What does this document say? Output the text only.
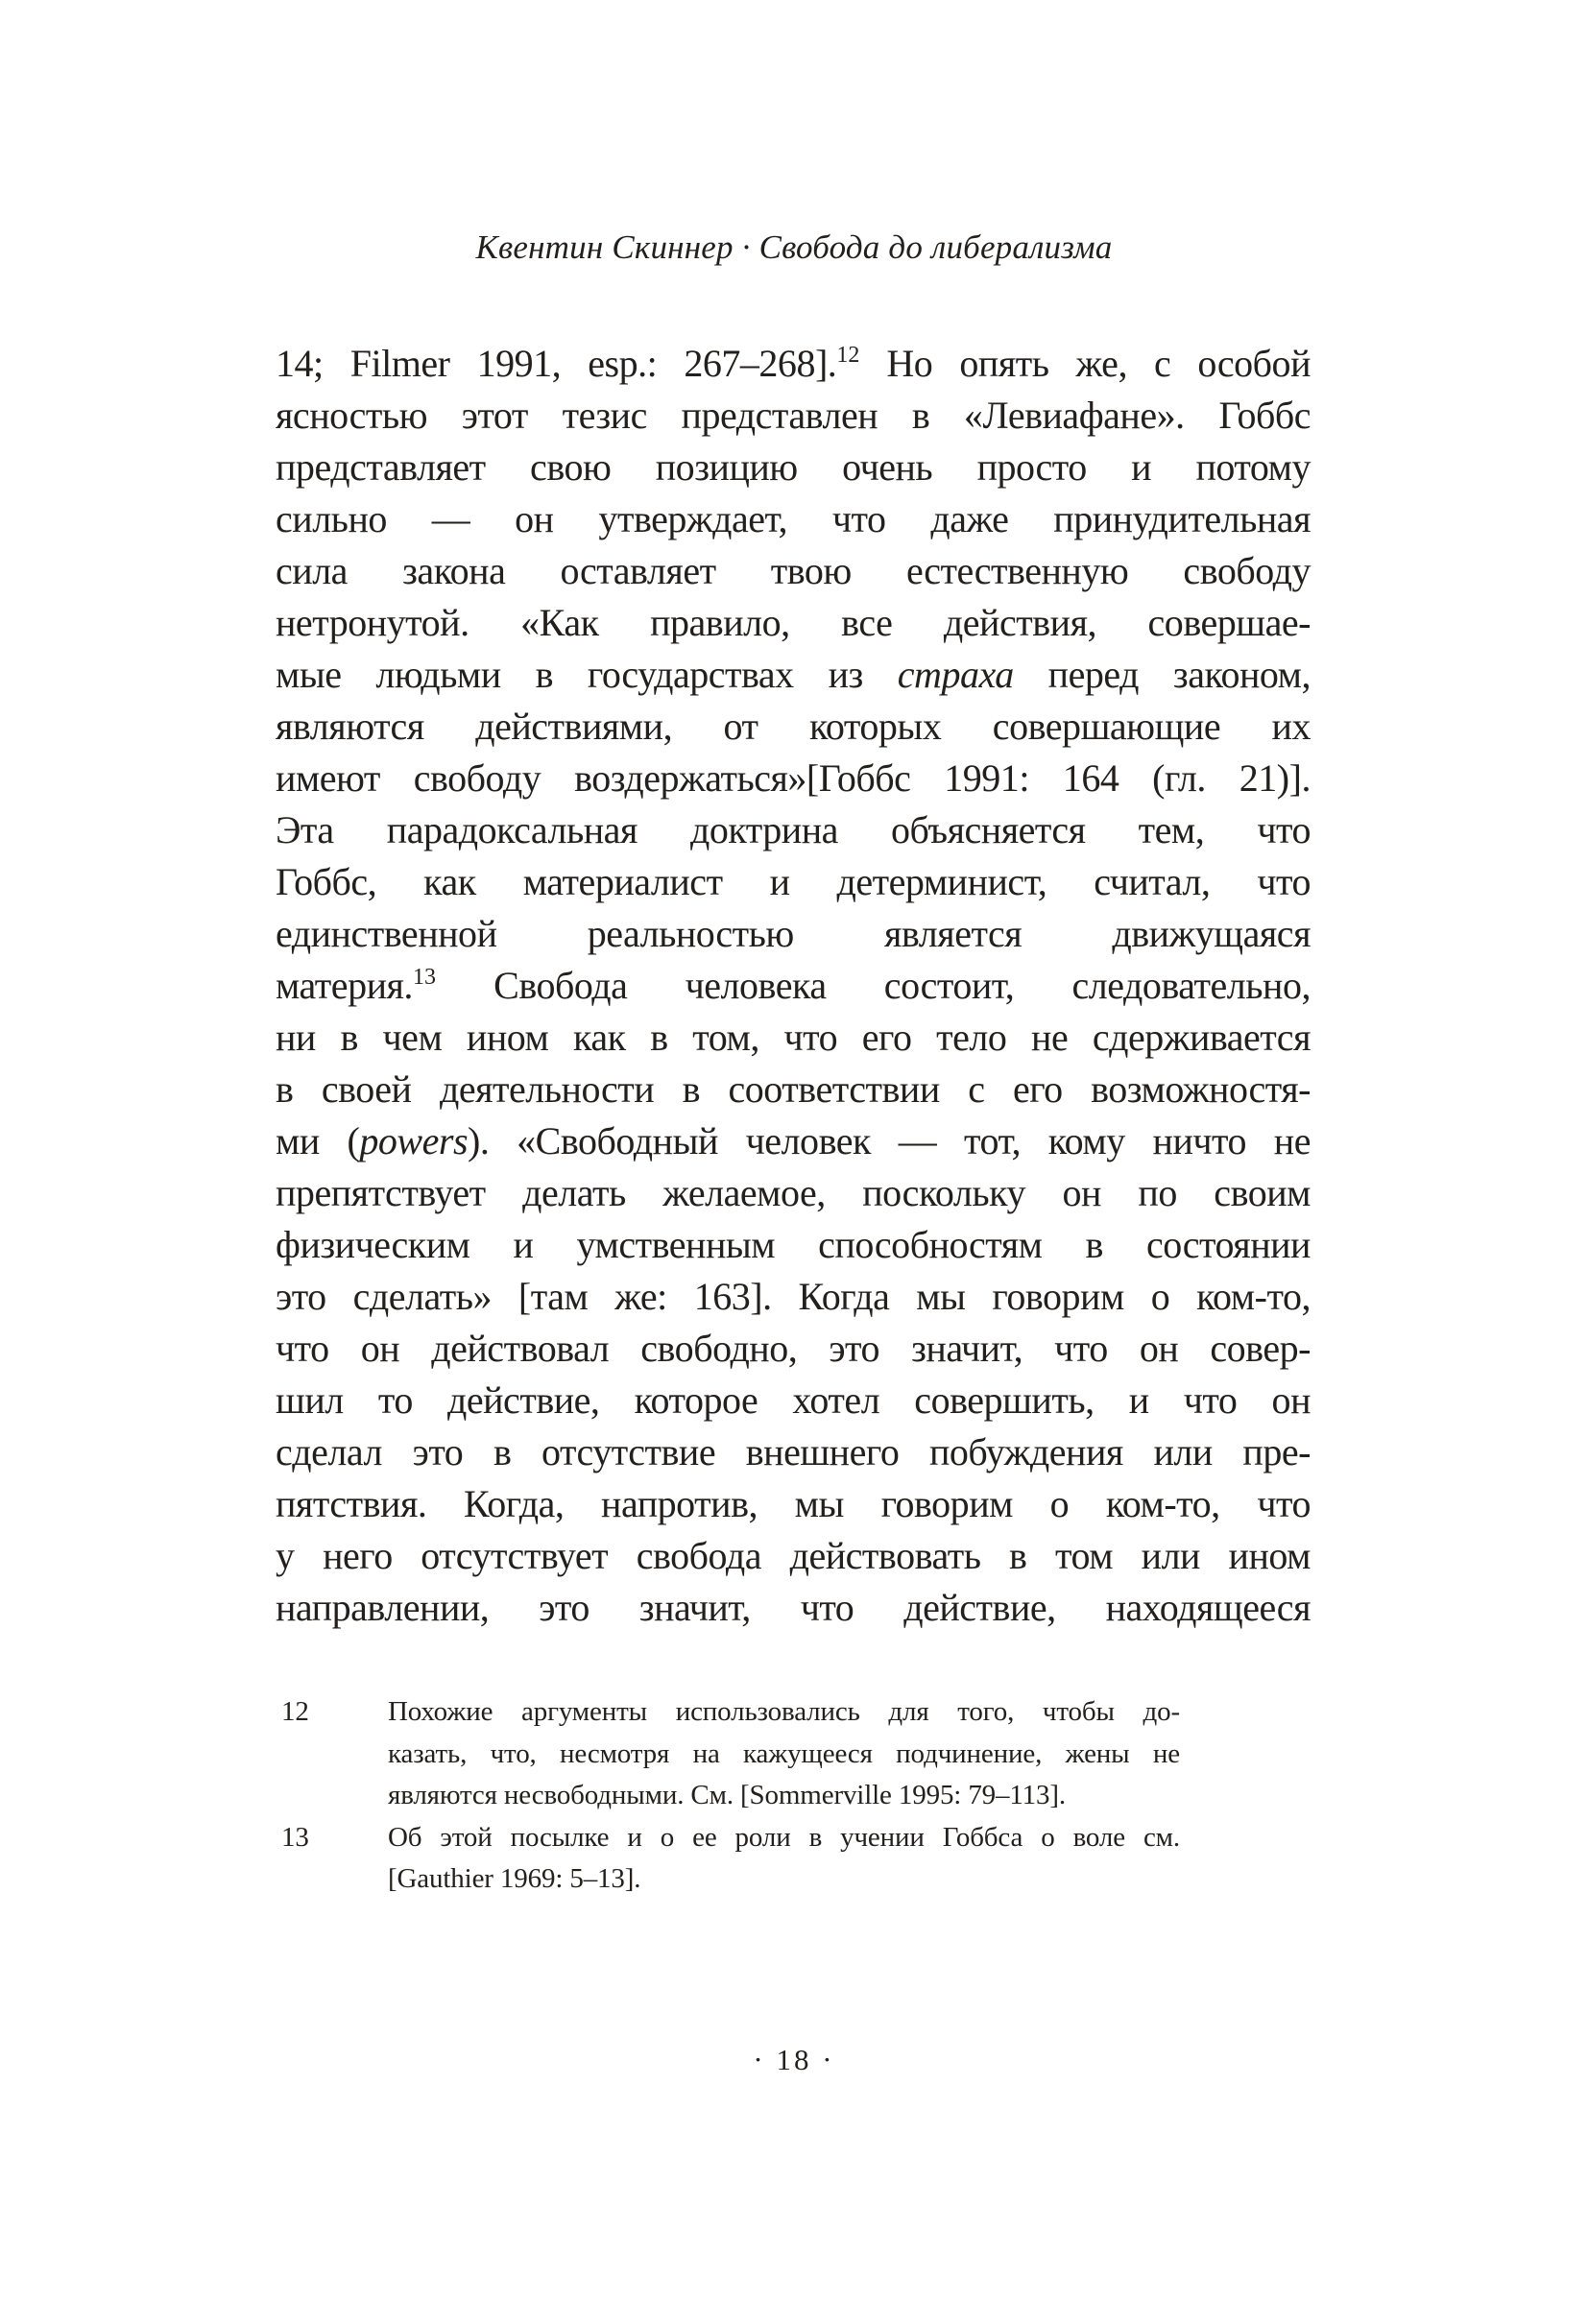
Квентин Скиннер · Свобода до либерализма
14; Filmer 1991, esp.: 267–268].$^{12}$ Но опять же, с особой
ясностью этот тезис представлен в «Левиафане». Гоббс
представляет свою позицию очень просто и потому
сильно — он утверждает, что даже принудительная
сила закона оставляет твою естественную свободу
нетронутой. «Как правило, все действия, совершае-
мые людьми в государствах из страха перед законом,
являются действиями, от которых совершающие их
имеют свободу воздержаться»[Гоббс 1991: 164 (гл. 21)].
Эта парадоксальная доктрина объясняется тем, что
Гоббс, как материалист и детерминист, считал, что
единственной реальностью является движущаяся
материя.$^{13}$ Свобода человека состоит, следовательно,
ни в чем ином как в том, что его тело не сдерживается
в своей деятельности в соответствии с его возможностя-
ми (powers). «Свободный человек — тот, кому ничто не
препятствует делать желаемое, поскольку он по своим
физическим и умственным способностям в состоянии
это сделать» [там же: 163]. Когда мы говорим о ком-то,
что он действовал свободно, это значит, что он совер-
шил то действие, которое хотел совершить, и что он
сделал это в отсутствие внешнего побуждения или пре-
пятствия. Когда, напротив, мы говорим о ком-то, что
у него отсутствует свобода действовать в том или ином
направлении, это значит, что действие, находящееся
12	Похожие аргументы использовались для того, чтобы до-
казать, что, несмотря на кажущееся подчинение, жены не
являются несвободными. См. [Sommerville 1995: 79–113].
13	Об этой посылке и о ее роли в учении Гоббса о воле см.
[Gauthier 1969: 5–13].
· 18 ·
